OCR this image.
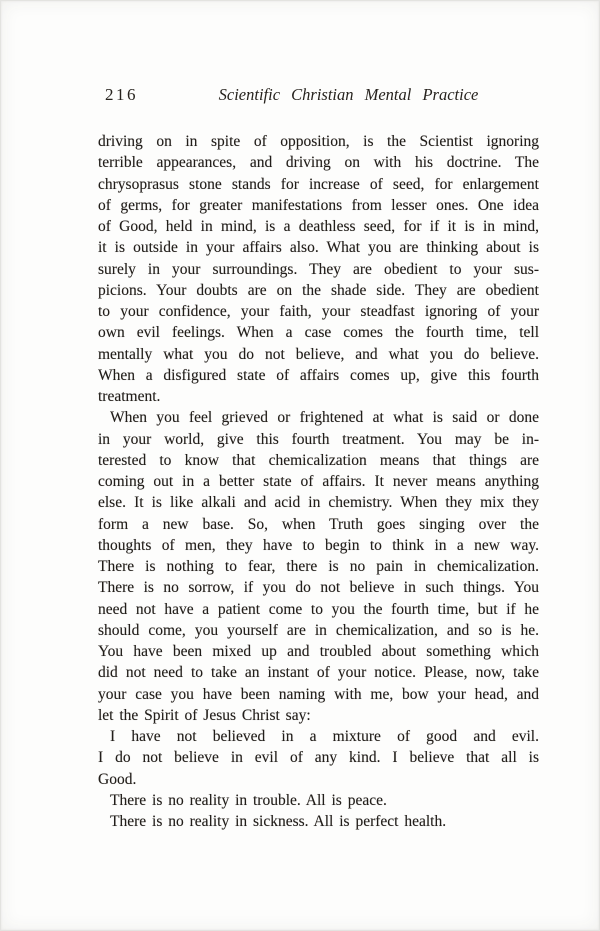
216	Scientific Christian Mental Practice
driving on in spite of opposition, is the Scientist ignoring
terrible appearances, and driving on with his doctrine. The
chrysoprasus stone stands for increase of seed, for enlargement
of germs, for greater manifestations from lesser ones. One idea
of Good, held in mind, is a deathless seed, for if it is in mind,
it is outside in your affairs also. What you are thinking about is
surely in your surroundings. They are obedient to your sus-
picions. Your doubts are on the shade side. They are obedient
to your confidence, your faith, your steadfast ignoring of your
own evil feelings. When a case comes the fourth time, tell
mentally what you do not believe, and what you do believe.
When a disfigured state of affairs comes up, give this fourth
treatment.
When you feel grieved or frightened at what is said or done
in your world, give this fourth treatment. You may be in-
terested to know that chemicalization means that things are
coming out in a better state of affairs. It never means anything
else. It is like alkali and acid in chemistry. When they mix they
form a new base. So, when Truth goes singing over the
thoughts of men, they have to begin to think in a new way.
There is nothing to fear, there is no pain in chemicalization.
There is no sorrow, if you do not believe in such things. You
need not have a patient come to you the fourth time, but if he
should come, you yourself are in chemicalization, and so is he.
You have been mixed up and troubled about something which
did not need to take an instant of your notice. Please, now, take
your case you have been naming with me, bow your head, and
let the Spirit of Jesus Christ say:
I have not believed in a mixture of good and evil.
I do not believe in evil of any kind. I believe that all is
Good.
There is no reality in trouble. All is peace.
There is no reality in sickness. All is perfect health.
